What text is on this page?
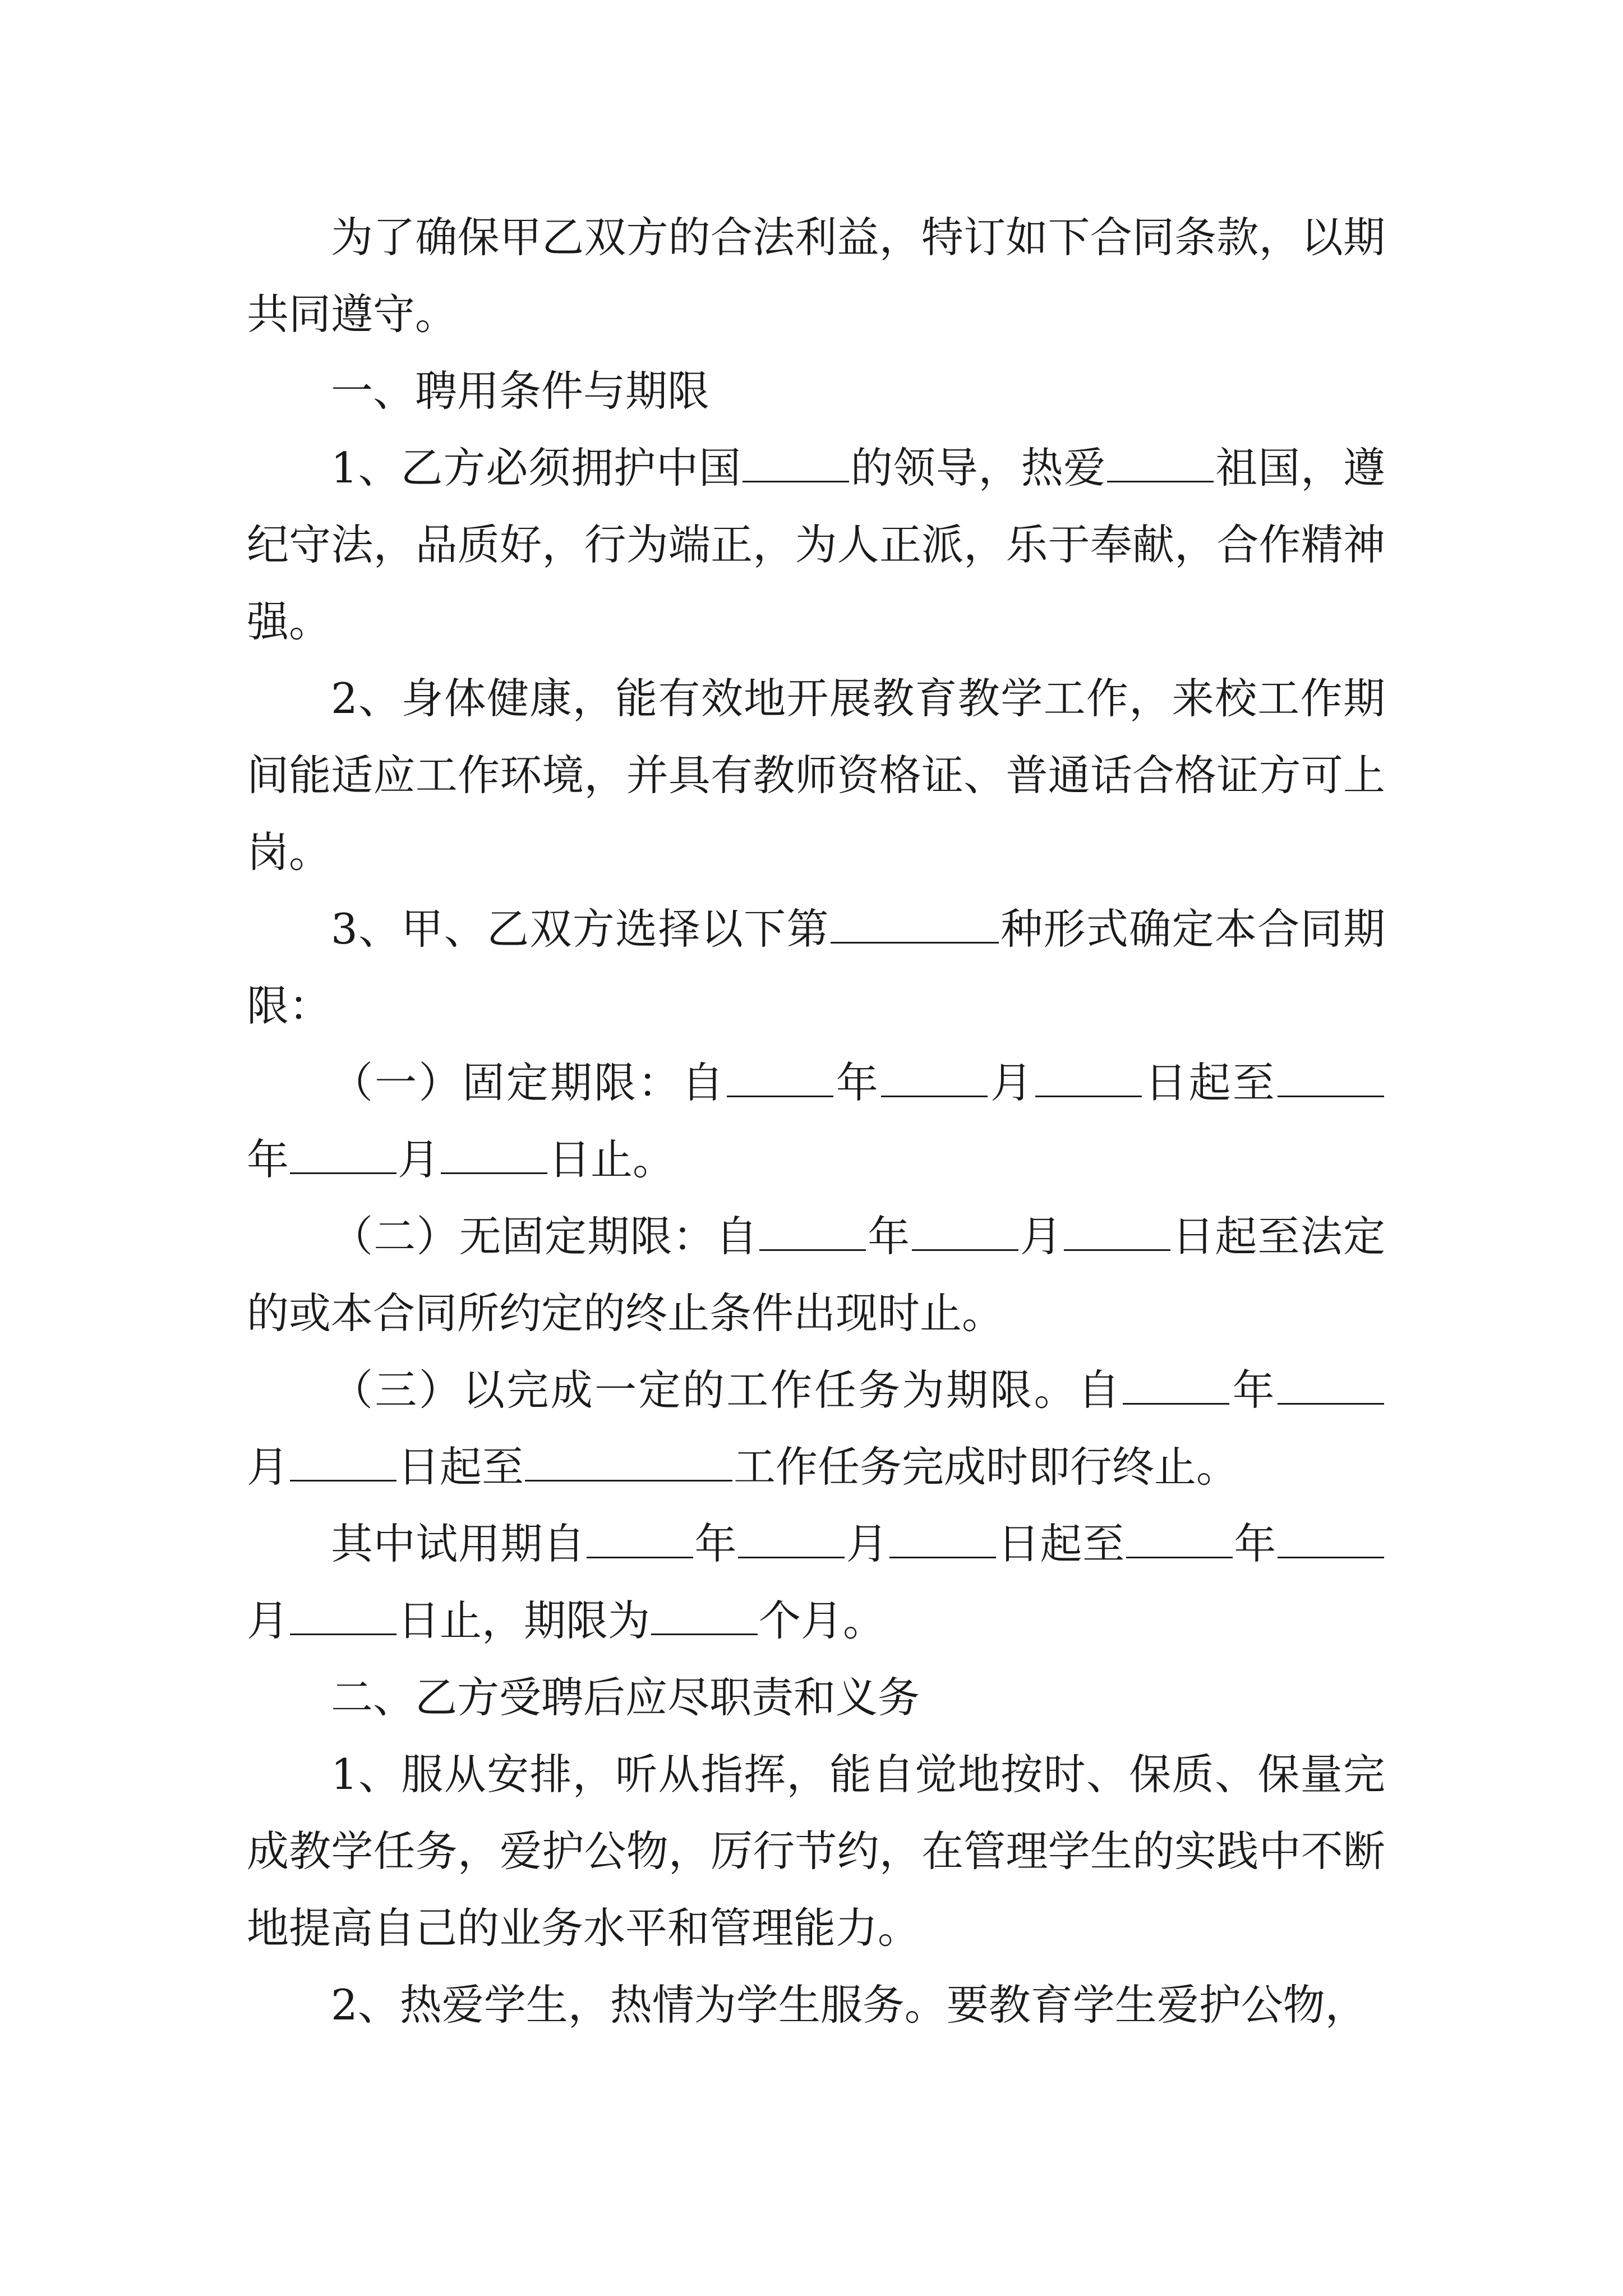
为了确保甲乙双方的合法利益，特订如下合同条款，以期共同遵守。

一、聘用条件与期限

1、乙方必须拥护中国	的领导，热爱	祖国，遵纪守法，品质好，行为端正，为人正派，乐于奉献，合作精神强。

2、身体健康，能有效地开展教育教学工作，来校工作期间能适应工作环境，并具有教师资格证、普通话合格证方可上岗。

3、甲、乙双方选择以下第	种形式确定本合同期限：

（一）固定期限：自	年	月	日起至年	月	日止。

（二）无固定期限：自	年	月	日起至法定的或本合同所约定的终止条件出现时止。

（三）以完成一定的工作任务为期限。自	年月	日起至	工作任务完成时即行终止。

其中试用期自	年	月	日起至	年月	日止，期限为	个月。

二、乙方受聘后应尽职责和义务

1、服从安排，听从指挥，能自觉地按时、保质、保量完成教学任务，爱护公物，厉行节约，在管理学生的实践中不断地提高自己的业务水平和管理能力。

2、热爱学生，热情为学生服务。要教育学生爱护公物，
